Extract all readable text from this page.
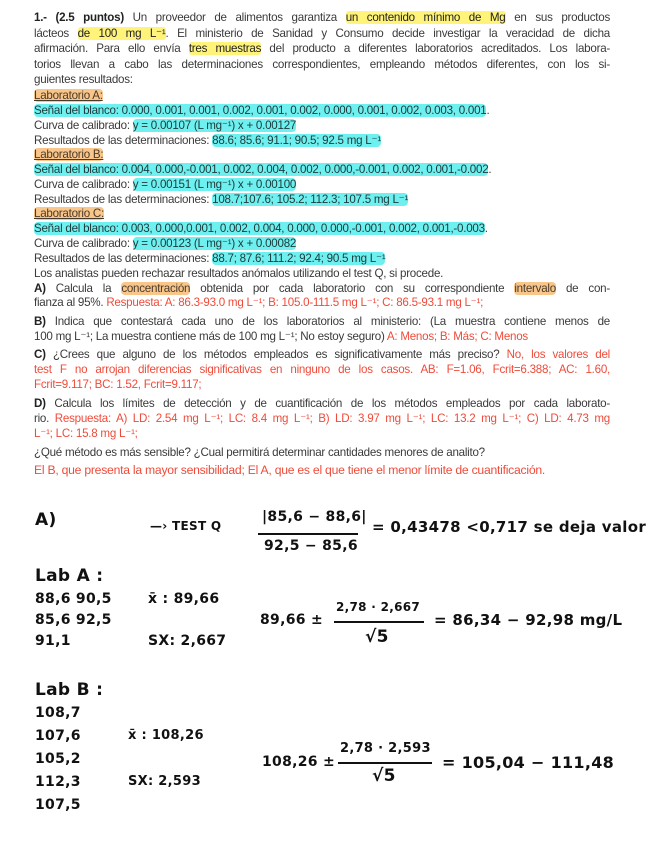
1.- (2.5 puntos) Un proveedor de alimentos garantiza un contenido mínimo de Mg en sus productos
lácteos de 100 mg L⁻¹. El ministerio de Sanidad y Consumo decide investigar la veracidad de dicha
afirmación. Para ello envía tres muestras del producto a diferentes laboratorios acreditados. Los labora-
torios llevan a cabo las determinaciones correspondientes, empleando métodos diferentes, con los si-
guientes resultados:
Laboratorio A:
Señal del blanco: 0.000, 0.001, 0.001, 0.002, 0.001, 0.002, 0.000, 0.001, 0.002, 0.003, 0.001.
Curva de calibrado: y = 0.00107 (L mg⁻¹) x + 0.00127
Resultados de las determinaciones: 88.6; 85.6; 91.1; 90.5; 92.5 mg L⁻¹
Laboratorio B:
Señal del blanco: 0.004, 0.000,-0.001, 0.002, 0.004, 0.002, 0.000,-0.001, 0.002, 0.001,-0.002.
Curva de calibrado: y = 0.00151 (L mg⁻¹) x + 0.00100
Resultados de las determinaciones: 108.7;107.6; 105.2; 112.3; 107.5 mg L⁻¹
Laboratorio C:
Señal del blanco: 0.003, 0.000,0.001, 0.002, 0.004, 0.000, 0.000,-0.001, 0.002, 0.001,-0.003.
Curva de calibrado: y = 0.00123 (L mg⁻¹) x + 0.00082
Resultados de las determinaciones: 88.7; 87.6; 111.2; 92.4; 90.5 mg L⁻¹
Los analistas pueden rechazar resultados anómalos utilizando el test Q, si procede.
A) Calcula la concentración obtenida por cada laboratorio con su correspondiente intervalo de con-
fianza al 95%. Respuesta: A: 86.3-93.0 mg L⁻¹; B: 105.0-111.5 mg L⁻¹; C: 86.5-93.1 mg L⁻¹;
B) Indica que contestará cada uno de los laboratorios al ministerio: (La muestra contiene menos de
100 mg L⁻¹; La muestra contiene más de 100 mg L⁻¹; No estoy seguro) A: Menos; B: Más; C: Menos
C) ¿Crees que alguno de los métodos empleados es significativamente más preciso? No, los valores del
test F no arrojan diferencias significativas en ninguno de los casos. AB: F=1.06, Fcrit=6.388; AC: 1.60,
Fcrit=9.117; BC: 1.52, Fcrit=9.117;
D) Calcula los límites de detección y de cuantificación de los métodos empleados por cada laborato-
rio. Respuesta: A) LD: 2.54 mg L⁻¹; LC: 8.4 mg L⁻¹; B) LD: 3.97 mg L⁻¹; LC: 13.2 mg L⁻¹; C) LD: 4.73 mg
L⁻¹; LC: 15.8 mg L⁻¹;
¿Qué método es más sensible? ¿Cual permitirá determinar cantidades menores de analito?
El B, que presenta la mayor sensibilidad; El A, que es el que tiene el menor límite de cuantificación.
A)	—› TEST Q
|85,6 − 88,6|
92,5 − 85,6
= 0,43478 <0,717 se deja valor
Lab A :
88,6 90,5
85,6 92,5
91,1
x̄ : 89,66
SX: 2,667
89,66 ±
2,78 · 2,667
√5
= 86,34 − 92,98 mg/L
Lab B :
108,7
107,6
105,2
112,3
107,5
x̄ : 108,26
SX: 2,593
108,26 ±
2,78 · 2,593
√5
= 105,04 − 111,48
